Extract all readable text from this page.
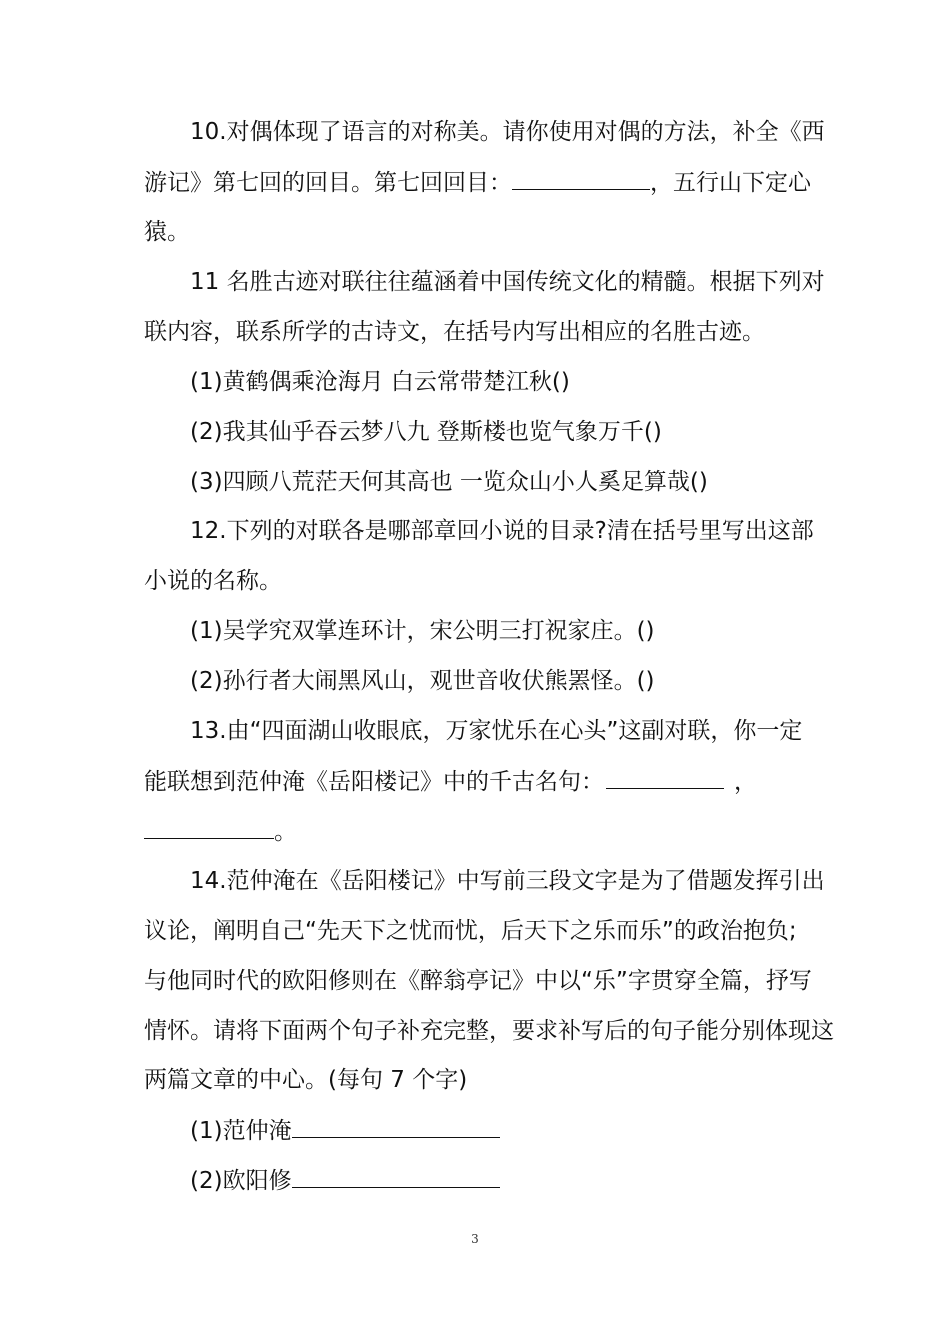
10.对偶体现了语言的对称美。请你使用对偶的方法，补全《西
游记》第七回的回目。第七回回目：	，五行山下定心
猿。
11 名胜古迹对联往往蕴涵着中国传统文化的精髓。根据下列对
联内容，联系所学的古诗文，在括号内写出相应的名胜古迹。
(1)黄鹤偶乘沧海月 白云常带楚江秋()
(2)我其仙乎吞云梦八九 登斯楼也览气象万千()
(3)四顾八荒茫天何其高也 一览众山小人奚足算哉()
12.下列的对联各是哪部章回小说的目录?清在括号里写出这部
小说的名称。
(1)吴学究双掌连环计，宋公明三打祝家庄。()
(2)孙行者大闹黑风山，观世音收伏熊罴怪。()
13.由“四面湖山收眼底，万家忧乐在心头”这副对联，你一定
能联想到范仲淹《岳阳楼记》中的千古名句：	，
。
14.范仲淹在《岳阳楼记》中写前三段文字是为了借题发挥引出
议论，阐明自己“先天下之忧而忧，后天下之乐而乐”的政治抱负;
与他同时代的欧阳修则在《醉翁亭记》中以“乐”字贯穿全篇，抒写
情怀。请将下面两个句子补充完整，要求补写后的句子能分别体现这
两篇文章的中心。(每句 7 个字)
(1)范仲淹
(2)欧阳修
3
